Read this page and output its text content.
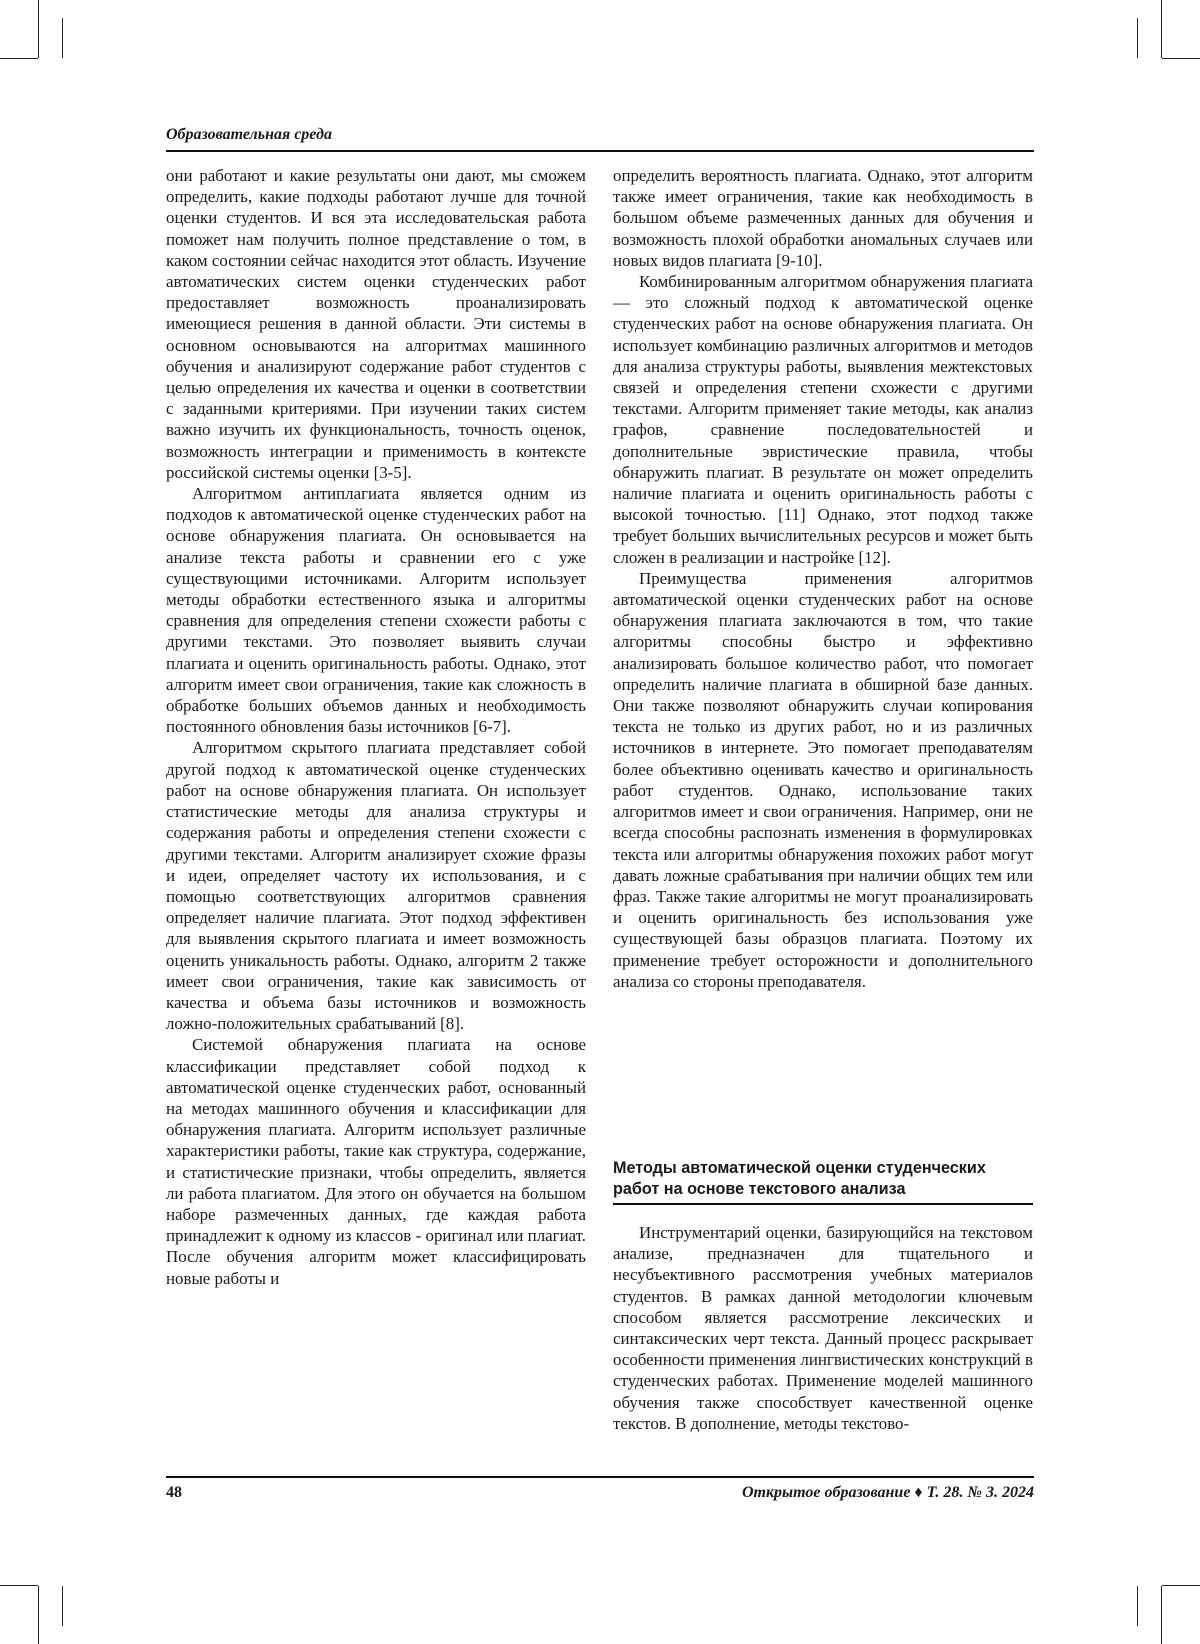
Образовательная среда

они работают и какие результаты они дают, мы сможем определить, какие подходы работают лучше для точной оценки студентов. И вся эта исследовательская работа поможет нам получить полное представление о том, в каком состоянии сейчас находится этот область. Изучение автоматических систем оценки студенческих работ предоставляет возможность проанализировать имеющиеся решения в данной области. Эти системы в основном основываются на алгоритмах машинного обучения и анализируют содержание работ студентов с целью определения их качества и оценки в соответствии с заданными критериями. При изучении таких систем важно изучить их функциональность, точность оценок, возможность интеграции и применимость в контексте российской системы оценки [3-5].

Алгоритмом антиплагиата является одним из подходов к автоматической оценке студенческих работ на основе обнаружения плагиата. Он основывается на анализе текста работы и сравнении его с уже существующими источниками. Алгоритм использует методы обработки естественного языка и алгоритмы сравнения для определения степени схожести работы с другими текстами. Это позволяет выявить случаи плагиата и оценить оригинальность работы. Однако, этот алгоритм имеет свои ограничения, такие как сложность в обработке больших объемов данных и необходимость постоянного обновления базы источников [6-7].

Алгоритмом скрытого плагиата представляет собой другой подход к автоматической оценке студенческих работ на основе обнаружения плагиата. Он использует статистические методы для анализа структуры и содержания работы и определения степени схожести с другими текстами. Алгоритм анализирует схожие фразы и идеи, определяет частоту их использования, и с помощью соответствующих алгоритмов сравнения определяет наличие плагиата. Этот подход эффективен для выявления скрытого плагиата и имеет возможность оценить уникальность работы. Однако, алгоритм 2 также имеет свои ограничения, такие как зависимость от качества и объема базы источников и возможность ложно-положительных срабатываний [8].

Системой обнаружения плагиата на основе классификации представляет собой подход к автоматической оценке студенческих работ, основанный на методах машинного обучения и классификации для обнаружения плагиата. Алгоритм использует различные характеристики работы, такие как структура, содержание, и статистические признаки, чтобы определить, является ли работа плагиатом. Для этого он обучается на большом наборе размеченных данных, где каждая работа принадлежит к одному из классов - оригинал или плагиат. После обучения алгоритм может классифицировать новые работы и

определить вероятность плагиата. Однако, этот алгоритм также имеет ограничения, такие как необходимость в большом объеме размеченных данных для обучения и возможность плохой обработки аномальных случаев или новых видов плагиата [9-10].

Комбинированным алгоритмом обнаружения плагиата — это сложный подход к автоматической оценке студенческих работ на основе обнаружения плагиата. Он использует комбинацию различных алгоритмов и методов для анализа структуры работы, выявления межтекстовых связей и определения степени схожести с другими текстами. Алгоритм применяет такие методы, как анализ графов, сравнение последовательностей и дополнительные эвристические правила, чтобы обнаружить плагиат. В результате он может определить наличие плагиата и оценить оригинальность работы с высокой точностью. [11] Однако, этот подход также требует больших вычислительных ресурсов и может быть сложен в реализации и настройке [12].

Преимущества применения алгоритмов автоматической оценки студенческих работ на основе обнаружения плагиата заключаются в том, что такие алгоритмы способны быстро и эффективно анализировать большое количество работ, что помогает определить наличие плагиата в обширной базе данных. Они также позволяют обнаружить случаи копирования текста не только из других работ, но и из различных источников в интернете. Это помогает преподавателям более объективно оценивать качество и оригинальность работ студентов. Однако, использование таких алгоритмов имеет и свои ограничения. Например, они не всегда способны распознать изменения в формулировках текста или алгоритмы обнаружения похожих работ могут давать ложные срабатывания при наличии общих тем или фраз. Также такие алгоритмы не могут проанализировать и оценить оригинальность без использования уже существующей базы образцов плагиата. Поэтому их применение требует осторожности и дополнительного анализа со стороны преподавателя.

Методы автоматической оценки студенческих работ на основе текстового анализа

Инструментарий оценки, базирующийся на текстовом анализе, предназначен для тщательного и несубъективного рассмотрения учебных материалов студентов. В рамках данной методологии ключевым способом является рассмотрение лексических и синтаксических черт текста. Данный процесс раскрывает особенности применения лингвистических конструкций в студенческих работах. Применение моделей машинного обучения также способствует качественной оценке текстов. В дополнение, методы текстово-

48	Открытое образование ♦ Т. 28. № 3. 2024
